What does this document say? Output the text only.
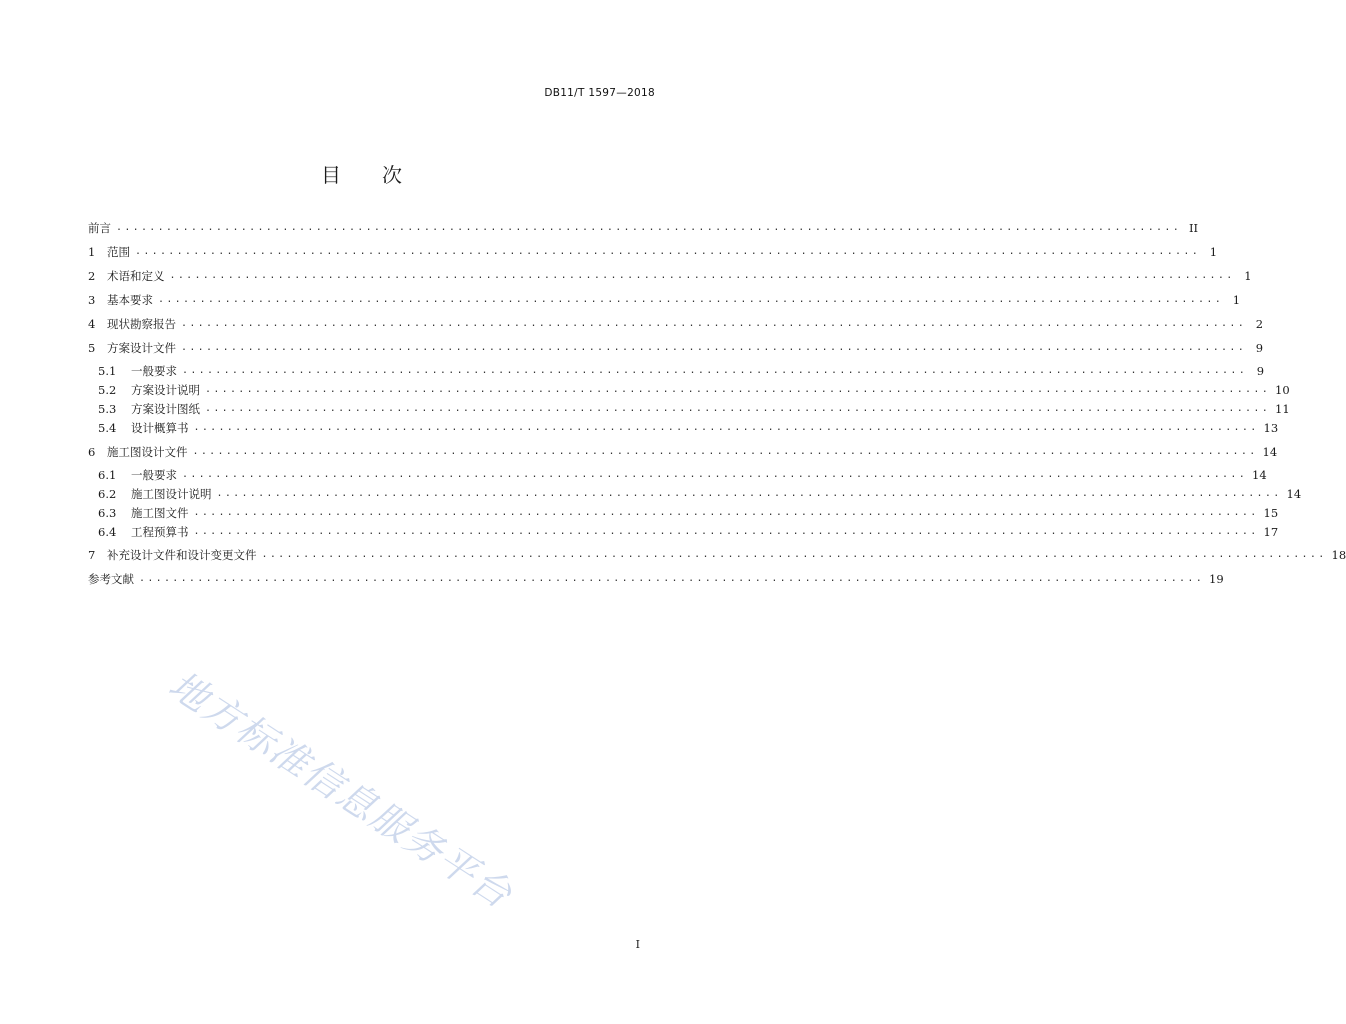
DB11/T 1597—2018
目 次
前言 ................................................................................................................................ II
1	范围 ................................................................................................................................ 1
2	术语和定义 ................................................................................................................................ 1
3	基本要求 ................................................................................................................................ 1
4	现状勘察报告 ................................................................................................................................ 2
5	方案设计文件 ................................................................................................................................ 9
5.1	一般要求 ................................................................................................................................ 9
5.2	方案设计说明 ................................................................................................................................ 10
5.3	方案设计图纸 ................................................................................................................................ 11
5.4	设计概算书 ................................................................................................................................ 13
6	施工图设计文件 ................................................................................................................................ 14
6.1	一般要求 ................................................................................................................................ 14
6.2	施工图设计说明 ................................................................................................................................ 14
6.3	施工图文件 ................................................................................................................................ 15
6.4	工程预算书 ................................................................................................................................ 17
7	补充设计文件和设计变更文件 ................................................................................................................................ 18
参考文献 ................................................................................................................................ 19
地方标准信息服务平台
I
